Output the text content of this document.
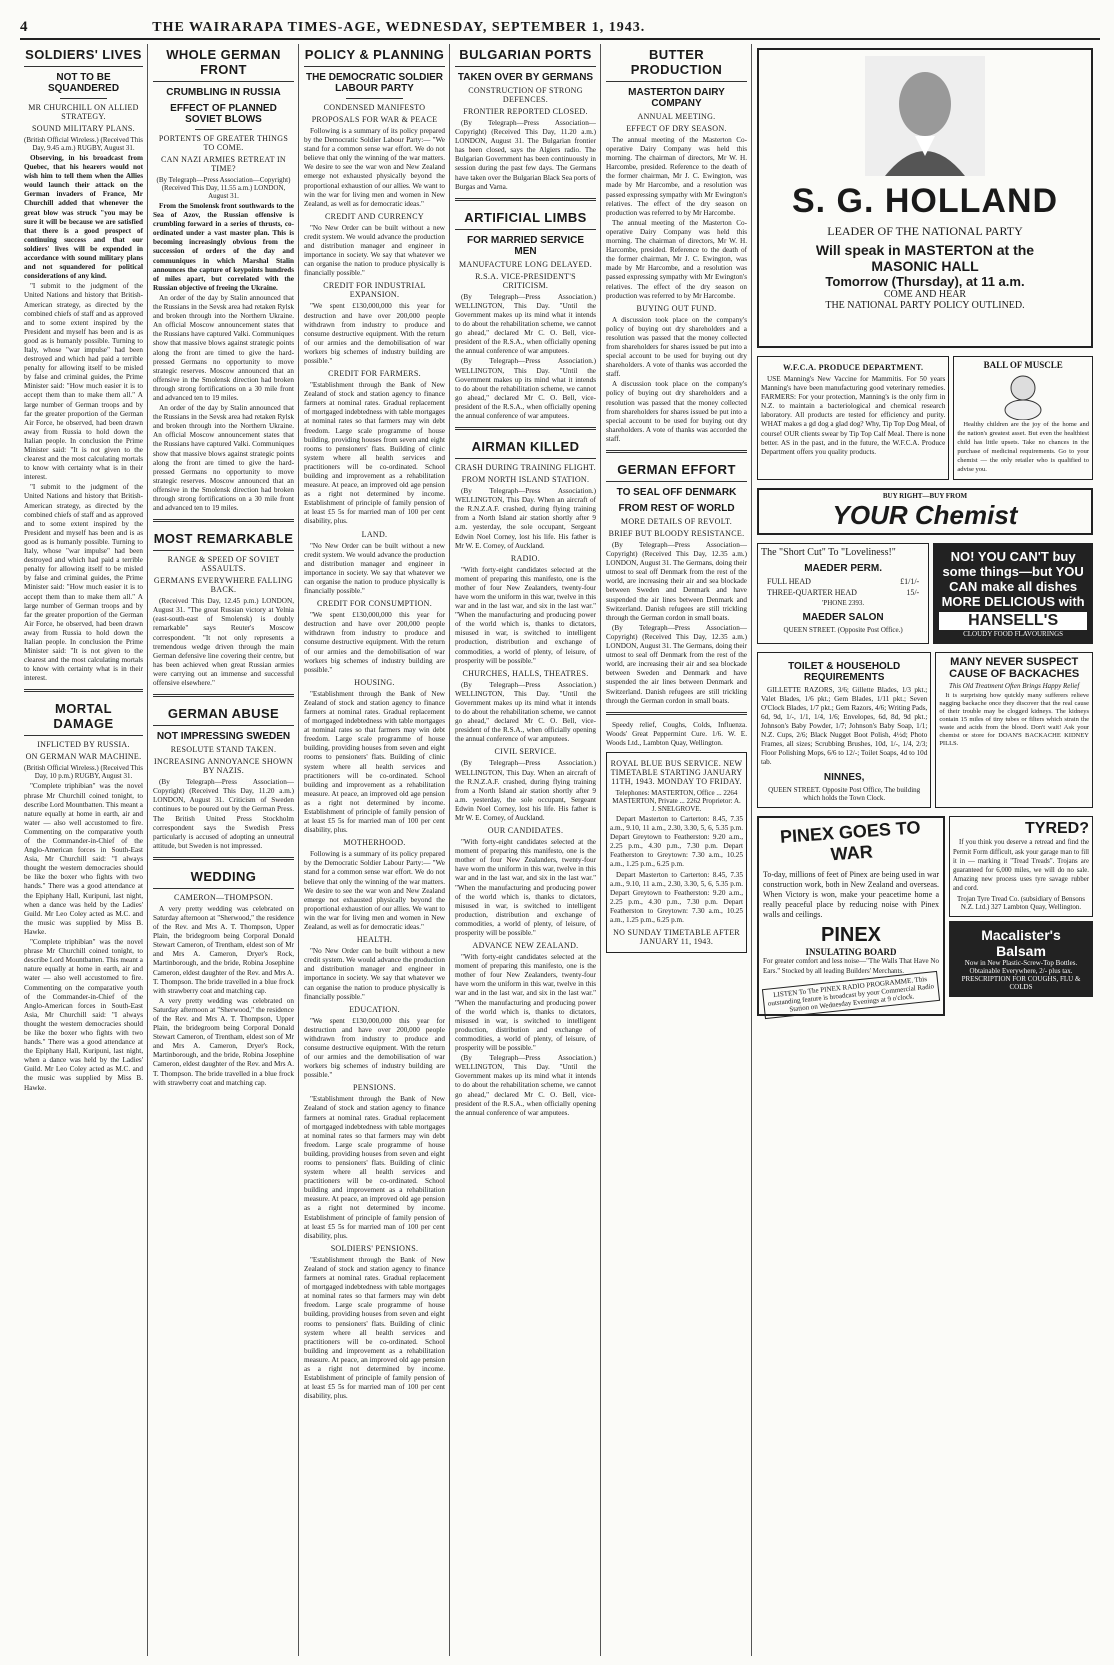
4	THE WAIRARAPA TIMES-AGE, WEDNESDAY, SEPTEMBER 1, 1943.
SOLDIERS' LIVES
NOT TO BE SQUANDERED
MR CHURCHILL ON ALLIED STRATEGY.
SOUND MILITARY PLANS.
(British Official Wireless.) (Received This Day, 9.45 a.m.) RUGBY, August 31.

Observing, in his broadcast from Quebec, that his hearers would not wish him to tell them when the Allies would launch their attack on the German invaders of France, Mr Churchill added that whenever the great blow was struck "you may be sure it will be because we are satisfied that there is a good prospect of continuing success and that our soldiers' lives will be expended in accordance with sound military plans and not squandered for political considerations of any kind.

"I submit to the judgment of the United Nations and history that British-American strategy, as directed by the combined chiefs of staff and as approved and to some extent inspired by the President and myself has been and is as good as is humanly possible. Turning to Italy, whose "war impulse" had been destroyed and which had paid a terrible penalty for allowing itself to be misled by false and criminal guides, the Prime Minister said: "How much easier it is to accept them than to make them all." A large number of German troops and by far the greater proportion of the German Air Force, he observed, had been drawn away from Russia to hold down the Italian people. In conclusion the Prime Minister said: "It is not given to the clearest and the most calculating mortals to know with certainty what is in their interest.

"I submit to the judgment of the United Nations and history that British-American strategy, as directed by the combined chiefs of staff and as approved and to some extent inspired by the President and myself has been and is as good as is humanly possible. Turning to Italy, whose "war impulse" had been destroyed and which had paid a terrible penalty for allowing itself to be misled by false and criminal guides, the Prime Minister said: "How much easier it is to accept them than to make them all." A large number of German troops and by far the greater proportion of the German Air Force, he observed, had been drawn away from Russia to hold down the Italian people. In conclusion the Prime Minister said: "It is not given to the clearest and the most calculating mortals to know with certainty what is in their interest.

MORTAL DAMAGE
INFLICTED BY RUSSIA.
ON GERMAN WAR MACHINE.
(British Official Wireless.) (Received This Day, 10 p.m.) RUGBY, August 31.

"Complete triphibian" was the novel phrase Mr Churchill coined tonight, to describe Lord Mountbatten. This meant a nature equally at home in earth, air and water — also well accustomed to fire. Commenting on the comparative youth of the Commander-in-Chief of the Anglo-American forces in South-East Asia, Mr Churchill said: "I always thought the western democracies should be like the boxer who fights with two hands." There was a good attendance at the Epiphany Hall, Kuripuni, last night, when a dance was held by the Ladies' Guild. Mr Leo Coley acted as M.C. and the music was supplied by Miss B. Hawke.

"Complete triphibian" was the novel phrase Mr Churchill coined tonight, to describe Lord Mountbatten. This meant a nature equally at home in earth, air and water — also well accustomed to fire. Commenting on the comparative youth of the Commander-in-Chief of the Anglo-American forces in South-East Asia, Mr Churchill said: "I always thought the western democracies should be like the boxer who fights with two hands." There was a good attendance at the Epiphany Hall, Kuripuni, last night, when a dance was held by the Ladies' Guild. Mr Leo Coley acted as M.C. and the music was supplied by Miss B. Hawke.

WHOLE GERMAN FRONT
CRUMBLING IN RUSSIA
EFFECT OF PLANNED SOVIET BLOWS
PORTENTS OF GREATER THINGS TO COME.
CAN NAZI ARMIES RETREAT IN TIME?
(By Telegraph—Press Association—Copyright) (Received This Day, 11.55 a.m.) LONDON, August 31.

From the Smolensk front southwards to the Sea of Azov, the Russian offensive is crumbling forward in a series of thrusts, co-ordinated under a vast master plan. This is becoming increasingly obvious from the succession of orders of the day and communiques in which Marshal Stalin announces the capture of keypoints hundreds of miles apart, but correlated with the Russian objective of freeing the Ukraine.

An order of the day by Stalin announced that the Russians in the Sevsk area had retaken Rylsk and broken through into the Northern Ukraine. An official Moscow announcement states that the Russians have captured Valki. Communiques show that massive blows against strategic points along the front are timed to give the hard-pressed Germans no opportunity to move strategic reserves. Moscow announced that an offensive in the Smolensk direction had broken through strong fortifications on a 30 mile front and advanced ten to 19 miles.

An order of the day by Stalin announced that the Russians in the Sevsk area had retaken Rylsk and broken through into the Northern Ukraine. An official Moscow announcement states that the Russians have captured Valki. Communiques show that massive blows against strategic points along the front are timed to give the hard-pressed Germans no opportunity to move strategic reserves. Moscow announced that an offensive in the Smolensk direction had broken through strong fortifications on a 30 mile front and advanced ten to 19 miles.

MOST REMARKABLE
RANGE & SPEED OF SOVIET ASSAULTS.
GERMANS EVERYWHERE FALLING BACK.

(Received This Day, 12.45 p.m.) LONDON, August 31. "The great Russian victory at Yelnia (east-south-east of Smolensk) is doubly remarkable" says Reuter's Moscow correspondent. "It not only represents a tremendous wedge driven through the main German defensive line covering their centre, but has been achieved when great Russian armies were carrying out an immense and successful offensive elsewhere."

GERMAN ABUSE
NOT IMPRESSING SWEDEN
RESOLUTE STAND TAKEN.
INCREASING ANNOYANCE SHOWN BY NAZIS.

(By Telegraph—Press Association—Copyright) (Received This Day, 11.20 a.m.) LONDON, August 31. Criticism of Sweden continues to be poured out by the German Press. The British United Press Stockholm correspondent says the Swedish Press particularly is accused of adopting an unneutral attitude, but Sweden is not impressed.

WEDDING
CAMERON—THOMPSON.

A very pretty wedding was celebrated on Saturday afternoon at "Sherwood," the residence of the Rev. and Mrs A. T. Thompson, Upper Plain, the bridegroom being Corporal Donald Stewart Cameron, of Trentham, eldest son of Mr and Mrs A. Cameron, Dryer's Rock, Martinborough, and the bride, Robina Josephine Cameron, eldest daughter of the Rev. and Mrs A. T. Thompson. The bride travelled in a blue frock with strawberry coat and matching cap.

A very pretty wedding was celebrated on Saturday afternoon at "Sherwood," the residence of the Rev. and Mrs A. T. Thompson, Upper Plain, the bridegroom being Corporal Donald Stewart Cameron, of Trentham, eldest son of Mr and Mrs A. Cameron, Dryer's Rock, Martinborough, and the bride, Robina Josephine Cameron, eldest daughter of the Rev. and Mrs A. T. Thompson. The bride travelled in a blue frock with strawberry coat and matching cap.

POLICY & PLANNING
THE DEMOCRATIC SOLDIER LABOUR PARTY
CONDENSED MANIFESTO
PROPOSALS FOR WAR & PEACE

Following is a summary of its policy prepared by the Democratic Soldier Labour Party:— "We stand for a common sense war effort. We do not believe that only the winning of the war matters. We desire to see the war won and New Zealand emerge not exhausted physically beyond the proportional exhaustion of our allies. We want to win the war for living men and women in New Zealand, as well as for democratic ideas."

CREDIT AND CURRENCY

"No New Order can be built without a new credit system. We would advance the production and distribution manager and engineer in importance in society. We say that whatever we can organise the nation to produce physically is financially possible."

CREDIT FOR INDUSTRIAL EXPANSION.

"We spent £130,000,000 this year for destruction and have over 200,000 people withdrawn from industry to produce and consume destructive equipment. With the return of our armies and the demobilisation of war workers big schemes of industry building are possible."

CREDIT FOR FARMERS.

"Establishment through the Bank of New Zealand of stock and station agency to finance farmers at nominal rates. Gradual replacement of mortgaged indebtedness with table mortgages at nominal rates so that farmers may win debt freedom. Large scale programme of house building, providing houses from seven and eight rooms to pensioners' flats. Building of clinic system where all health services and practitioners will be co-ordinated. School building and improvement as a rehabilitation measure. At peace, an improved old age pension as a right not determined by income. Establishment of principle of family pension of at least £5 5s for married man of 100 per cent disability, plus.

LAND.

"No New Order can be built without a new credit system. We would advance the production and distribution manager and engineer in importance in society. We say that whatever we can organise the nation to produce physically is financially possible."

CREDIT FOR CONSUMPTION.

"We spent £130,000,000 this year for destruction and have over 200,000 people withdrawn from industry to produce and consume destructive equipment. With the return of our armies and the demobilisation of war workers big schemes of industry building are possible."

HOUSING.

"Establishment through the Bank of New Zealand of stock and station agency to finance farmers at nominal rates. Gradual replacement of mortgaged indebtedness with table mortgages at nominal rates so that farmers may win debt freedom. Large scale programme of house building, providing houses from seven and eight rooms to pensioners' flats. Building of clinic system where all health services and practitioners will be co-ordinated. School building and improvement as a rehabilitation measure. At peace, an improved old age pension as a right not determined by income. Establishment of principle of family pension of at least £5 5s for married man of 100 per cent disability, plus.

MOTHERHOOD.

Following is a summary of its policy prepared by the Democratic Soldier Labour Party:— "We stand for a common sense war effort. We do not believe that only the winning of the war matters. We desire to see the war won and New Zealand emerge not exhausted physically beyond the proportional exhaustion of our allies. We want to win the war for living men and women in New Zealand, as well as for democratic ideas."

HEALTH.

"No New Order can be built without a new credit system. We would advance the production and distribution manager and engineer in importance in society. We say that whatever we can organise the nation to produce physically is financially possible."

EDUCATION.

"We spent £130,000,000 this year for destruction and have over 200,000 people withdrawn from industry to produce and consume destructive equipment. With the return of our armies and the demobilisation of war workers big schemes of industry building are possible."

PENSIONS.

"Establishment through the Bank of New Zealand of stock and station agency to finance farmers at nominal rates. Gradual replacement of mortgaged indebtedness with table mortgages at nominal rates so that farmers may win debt freedom. Large scale programme of house building, providing houses from seven and eight rooms to pensioners' flats. Building of clinic system where all health services and practitioners will be co-ordinated. School building and improvement as a rehabilitation measure. At peace, an improved old age pension as a right not determined by income. Establishment of principle of family pension of at least £5 5s for married man of 100 per cent disability, plus.

SOLDIERS' PENSIONS.

"Establishment through the Bank of New Zealand of stock and station agency to finance farmers at nominal rates. Gradual replacement of mortgaged indebtedness with table mortgages at nominal rates so that farmers may win debt freedom. Large scale programme of house building, providing houses from seven and eight rooms to pensioners' flats. Building of clinic system where all health services and practitioners will be co-ordinated. School building and improvement as a rehabilitation measure. At peace, an improved old age pension as a right not determined by income. Establishment of principle of family pension of at least £5 5s for married man of 100 per cent disability, plus.

BULGARIAN PORTS
TAKEN OVER BY GERMANS
CONSTRUCTION OF STRONG DEFENCES.
FRONTIER REPORTED CLOSED.

(By Telegraph—Press Association—Copyright) (Received This Day, 11.20 a.m.) LONDON, August 31. The Bulgarian frontier has been closed, says the Algiers radio. The Bulgarian Government has been continuously in session during the past few days. The Germans have taken over the Bulgarian Black Sea ports of Burgas and Varna.

ARTIFICIAL LIMBS
FOR MARRIED SERVICE MEN
MANUFACTURE LONG DELAYED.
R.S.A. VICE-PRESIDENT'S CRITICISM.

(By Telegraph—Press Association.) WELLINGTON, This Day. "Until the Government makes up its mind what it intends to do about the rehabilitation scheme, we cannot go ahead," declared Mr C. O. Bell, vice-president of the R.S.A., when officially opening the annual conference of war amputees.

(By Telegraph—Press Association.) WELLINGTON, This Day. "Until the Government makes up its mind what it intends to do about the rehabilitation scheme, we cannot go ahead," declared Mr C. O. Bell, vice-president of the R.S.A., when officially opening the annual conference of war amputees.

AIRMAN KILLED
CRASH DURING TRAINING FLIGHT.
FROM NORTH ISLAND STATION.

(By Telegraph—Press Association.) WELLINGTON, This Day. When an aircraft of the R.N.Z.A.F. crashed, during flying training from a North Island air station shortly after 9 a.m. yesterday, the sole occupant, Sergeant Edwin Noel Corney, lost his life. His father is Mr W. E. Corney, of Auckland.

RADIO.

"With forty-eight candidates selected at the moment of preparing this manifesto, one is the mother of four New Zealanders, twenty-four have worn the uniform in this war, twelve in this war and in the last war, and six in the last war." "When the manufacturing and producing power of the world which is, thanks to dictators, misused in war, is switched to intelligent production, distribution and exchange of commodities, a world of plenty, of leisure, of prosperity will be possible."

CHURCHES, HALLS, THEATRES.

(By Telegraph—Press Association.) WELLINGTON, This Day. "Until the Government makes up its mind what it intends to do about the rehabilitation scheme, we cannot go ahead," declared Mr C. O. Bell, vice-president of the R.S.A., when officially opening the annual conference of war amputees.

CIVIL SERVICE.

(By Telegraph—Press Association.) WELLINGTON, This Day. When an aircraft of the R.N.Z.A.F. crashed, during flying training from a North Island air station shortly after 9 a.m. yesterday, the sole occupant, Sergeant Edwin Noel Corney, lost his life. His father is Mr W. E. Corney, of Auckland.

OUR CANDIDATES.

"With forty-eight candidates selected at the moment of preparing this manifesto, one is the mother of four New Zealanders, twenty-four have worn the uniform in this war, twelve in this war and in the last war, and six in the last war." "When the manufacturing and producing power of the world which is, thanks to dictators, misused in war, is switched to intelligent production, distribution and exchange of commodities, a world of plenty, of leisure, of prosperity will be possible."

ADVANCE NEW ZEALAND.

"With forty-eight candidates selected at the moment of preparing this manifesto, one is the mother of four New Zealanders, twenty-four have worn the uniform in this war, twelve in this war and in the last war, and six in the last war." "When the manufacturing and producing power of the world which is, thanks to dictators, misused in war, is switched to intelligent production, distribution and exchange of commodities, a world of plenty, of leisure, of prosperity will be possible."

(By Telegraph—Press Association.) WELLINGTON, This Day. "Until the Government makes up its mind what it intends to do about the rehabilitation scheme, we cannot go ahead," declared Mr C. O. Bell, vice-president of the R.S.A., when officially opening the annual conference of war amputees.

BUTTER PRODUCTION
MASTERTON DAIRY COMPANY
ANNUAL MEETING.
EFFECT OF DRY SEASON.

The annual meeting of the Masterton Co-operative Dairy Company was held this morning. The chairman of directors, Mr W. H. Harcombe, presided. Reference to the death of the former chairman, Mr J. C. Ewington, was made by Mr Harcombe, and a resolution was passed expressing sympathy with Mr Ewington's relatives. The effect of the dry season on production was referred to by Mr Harcombe.

The annual meeting of the Masterton Co-operative Dairy Company was held this morning. The chairman of directors, Mr W. H. Harcombe, presided. Reference to the death of the former chairman, Mr J. C. Ewington, was made by Mr Harcombe, and a resolution was passed expressing sympathy with Mr Ewington's relatives. The effect of the dry season on production was referred to by Mr Harcombe.

BUYING OUT FUND.

A discussion took place on the company's policy of buying out dry shareholders and a resolution was passed that the money collected from shareholders for shares issued be put into a special account to be used for buying out dry shareholders. A vote of thanks was accorded the staff.

A discussion took place on the company's policy of buying out dry shareholders and a resolution was passed that the money collected from shareholders for shares issued be put into a special account to be used for buying out dry shareholders. A vote of thanks was accorded the staff.

GERMAN EFFORT
TO SEAL OFF DENMARK
FROM REST OF WORLD
MORE DETAILS OF REVOLT.
BRIEF BUT BLOODY RESISTANCE.

(By Telegraph—Press Association—Copyright) (Received This Day, 12.35 a.m.) LONDON, August 31. The Germans, doing their utmost to seal off Denmark from the rest of the world, are increasing their air and sea blockade between Sweden and Denmark and have suspended the air lines between Denmark and Switzerland. Danish refugees are still trickling through the German cordon in small boats.

(By Telegraph—Press Association—Copyright) (Received This Day, 12.35 a.m.) LONDON, August 31. The Germans, doing their utmost to seal off Denmark from the rest of the world, are increasing their air and sea blockade between Sweden and Denmark and have suspended the air lines between Denmark and Switzerland. Danish refugees are still trickling through the German cordon in small boats.

Speedy relief, Coughs, Colds, Influenza. Woods' Great Peppermint Cure. 1/6. W. E. Woods Ltd., Lambton Quay, Wellington.

ROYAL BLUE BUS SERVICE. NEW TIMETABLE STARTING JANUARY 11TH, 1943. MONDAY TO FRIDAY.
Telephones: MASTERTON, Office ... 2264 MASTERTON, Private ... 2262 Proprietor: A. J. SNELGROVE.

Depart Masterton to Carterton: 8.45, 7.35 a.m., 9.10, 11 a.m., 2.30, 3.30, 5, 6, 5.35 p.m. Depart Greytown to Featherston: 9.20 a.m., 2.25 p.m., 4.30 p.m., 7.30 p.m. Depart Featherston to Greytown: 7.30 a.m., 10.25 a.m., 1.25 p.m., 6.25 p.m.

Depart Masterton to Carterton: 8.45, 7.35 a.m., 9.10, 11 a.m., 2.30, 3.30, 5, 6, 5.35 p.m. Depart Greytown to Featherston: 9.20 a.m., 2.25 p.m., 4.30 p.m., 7.30 p.m. Depart Featherston to Greytown: 7.30 a.m., 10.25 a.m., 1.25 p.m., 6.25 p.m.

NO SUNDAY TIMETABLE AFTER JANUARY 11, 1943.
S. G. HOLLAND
LEADER OF THE NATIONAL PARTY
Will speak in MASTERTON at the
MASONIC HALL
Tomorrow (Thursday), at 11 a.m.
COME AND HEAR
THE NATIONAL PARTY POLICY OUTLINED.
W.F.C.A. PRODUCE DEPARTMENT.

USE Manning's New Vaccine for Mammitis. For 50 years Manning's have been manufacturing good veterinary remedies. FARMERS: For your protection, Manning's is the only firm in N.Z. to maintain a bacteriological and chemical research laboratory. All products are tested for efficiency and purity. WHAT makes a gd dog a glad dog? Why, Tip Top Dog Meal, of course! OUR clients swear by Tip Top Calf Meal. There is none better. AS in the past, and in the future, the W.F.C.A. Produce Department offers you quality products.

BALL OF MUSCLE

Healthy children are the joy of the home and the nation's greatest asset. But even the healthiest child has little upsets. Take no chances in the purchase of medicinal requirements. Go to your chemist — the only retailer who is qualified to advise you.

BUY RIGHT—BUY FROM
YOUR Chemist
The "Short Cut" To "Loveliness!"
MAEDER PERM.
FULL HEAD	£1/1/-
THREE-QUARTER HEAD	15/-
'PHONE 2393.
MAEDER SALON
QUEEN STREET. (Opposite Post Office.)
NO! YOU CAN'T buy some things—but YOU CAN make all dishes MORE DELICIOUS with
HANSELL'S
CLOUDY FOOD FLAVOURINGS
TOILET & HOUSEHOLD REQUIREMENTS

GILLETTE RAZORS, 3/6; Gillette Blades, 1/3 pkt.; Valet Blades, 1/6 pkt.; Gem Blades, 1/11 pkt.; Seven O'Clock Blades, 1/7 pkt.; Gem Razors, 4/6; Writing Pads, 6d, 9d, 1/-, 1/1, 1/4, 1/6; Envelopes, 6d, 8d, 9d pkt.; Johnson's Baby Powder, 1/7; Johnson's Baby Soap, 1/1; N.Z. Cups, 2/6; Black Nugget Boot Polish, 4½d; Photo Frames, all sizes; Scrubbing Brushes, 10d, 1/-, 1/4, 2/3; Floor Polishing Mops, 6/6 to 12/-; Toilet Soaps, 4d to 10d tab.

NINNES,
QUEEN STREET. Opposite Post Office, The building which holds the Town Clock.
MANY NEVER SUSPECT CAUSE OF BACKACHES
This Old Treatment Often Brings Happy Relief

It is surprising how quickly many sufferers relieve nagging backache once they discover that the real cause of their trouble may be clogged kidneys. The kidneys contain 15 miles of tiny tubes or filters which strain the waste and acids from the blood. Don't wait! Ask your chemist or store for DOAN'S BACKACHE KIDNEY PILLS.

PINEX GOES TO WAR

To-day, millions of feet of Pinex are being used in war construction work, both in New Zealand and overseas. When Victory is won, make your peacetime home a really peaceful place by reducing noise with Pinex walls and ceilings.

PINEX
INSULATING BOARD

For greater comfort and less noise—"The Walls That Have No Ears." Stocked by all leading Builders' Merchants.

LISTEN To The PINEX RADIO PROGRAMME. This outstanding feature is broadcast by your Commercial Radio Station on Wednesday Evenings at 9 o'clock.
TYRED?

If you think you deserve a retread and find the Permit Form difficult, ask your garage man to fill it in — marking it "Tread Treads". Trojans are guaranteed for 6,000 miles, we will do no sale. Amazing new process uses tyre savage rubber and cord.

Trojan Tyre Tread Co. (subsidiary of Bensons N.Z. Ltd.) 327 Lambton Quay, Wellington.
Macalister's Balsam
Now in New Plastic-Screw-Top Bottles. Obtainable Everywhere, 2/- plus tax. PRESCRIPTION FOR COUGHS, FLU & COLDS
